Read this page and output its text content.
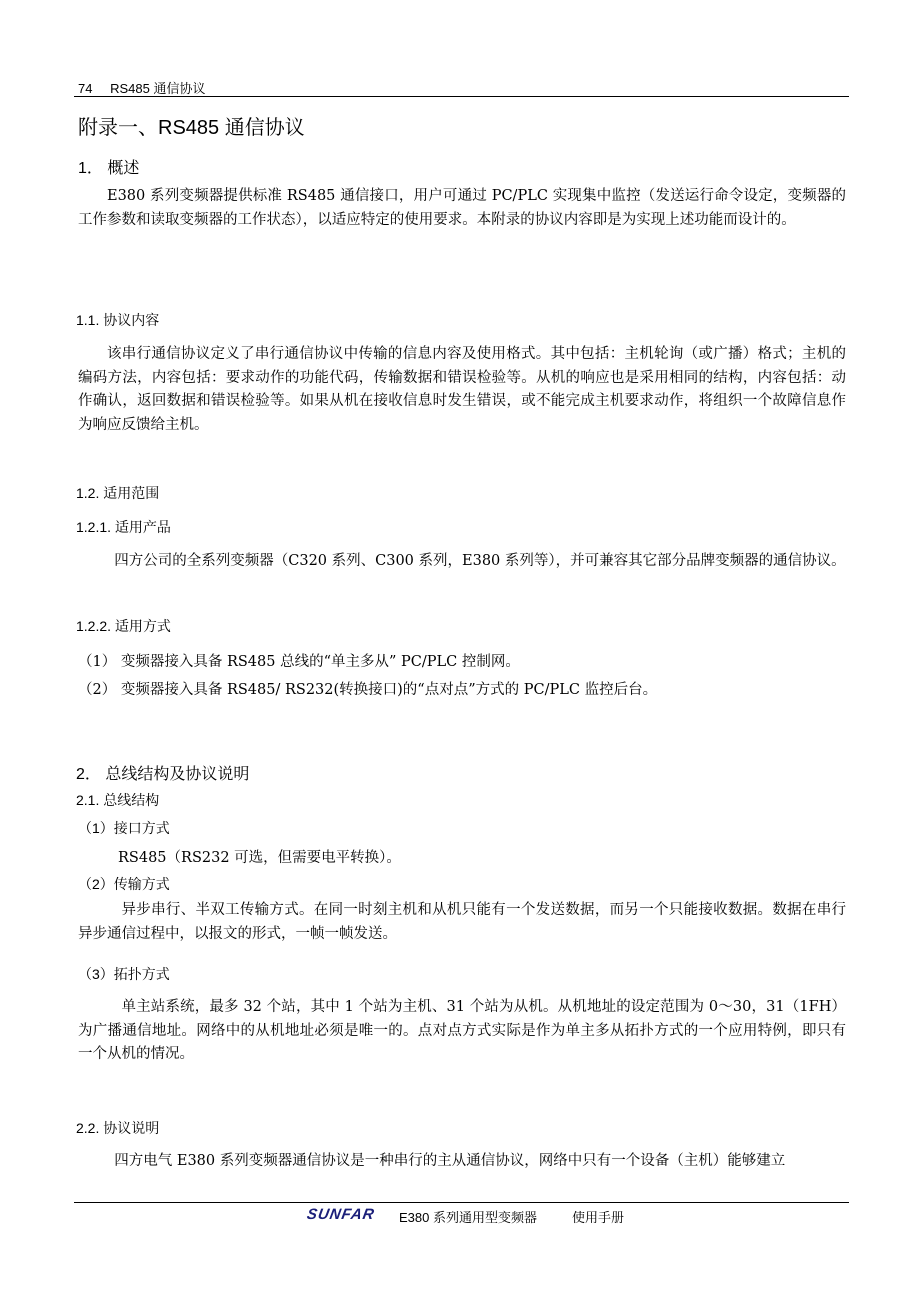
74 RS485 通信协议
附录一、RS485 通信协议
1． 概述
E380 系列变频器提供标准 RS485 通信接口，用户可通过 PC/PLC 实现集中监控（发送运行命令设定，变频器的工作参数和读取变频器的工作状态），以适应特定的使用要求。本附录的协议内容即是为实现上述功能而设计的。
1.1. 协议内容
该串行通信协议定义了串行通信协议中传输的信息内容及使用格式。其中包括：主机轮询（或广播）格式；主机的编码方法，内容包括：要求动作的功能代码，传输数据和错误检验等。从机的响应也是采用相同的结构，内容包括：动作确认，返回数据和错误检验等。如果从机在接收信息时发生错误，或不能完成主机要求动作，将组织一个故障信息作为响应反馈给主机。
1.2. 适用范围
1.2.1. 适用产品
四方公司的全系列变频器（C320 系列、C300 系列，E380 系列等），并可兼容其它部分品牌变频器的通信协议。
1.2.2. 适用方式
（1） 变频器接入具备 RS485 总线的“单主多从” PC/PLC 控制网。
（2） 变频器接入具备 RS485/ RS232(转换接口)的“点对点”方式的 PC/PLC 监控后台。
2． 总线结构及协议说明
2.1. 总线结构
（1）接口方式
RS485（RS232 可选，但需要电平转换）。
（2）传输方式
异步串行、半双工传输方式。在同一时刻主机和从机只能有一个发送数据，而另一个只能接收数据。数据在串行异步通信过程中，以报文的形式，一帧一帧发送。
（3）拓扑方式
单主站系统，最多 32 个站，其中 1 个站为主机、31 个站为从机。从机地址的设定范围为 0～30，31（1FH）为广播通信地址。网络中的从机地址必须是唯一的。点对点方式实际是作为单主多从拓扑方式的一个应用特例，即只有一个从机的情况。
2.2. 协议说明
四方电气 E380 系列变频器通信协议是一种串行的主从通信协议，网络中只有一个设备（主机）能够建立
SUNFAR E380 系列通用型变频器	使用手册
